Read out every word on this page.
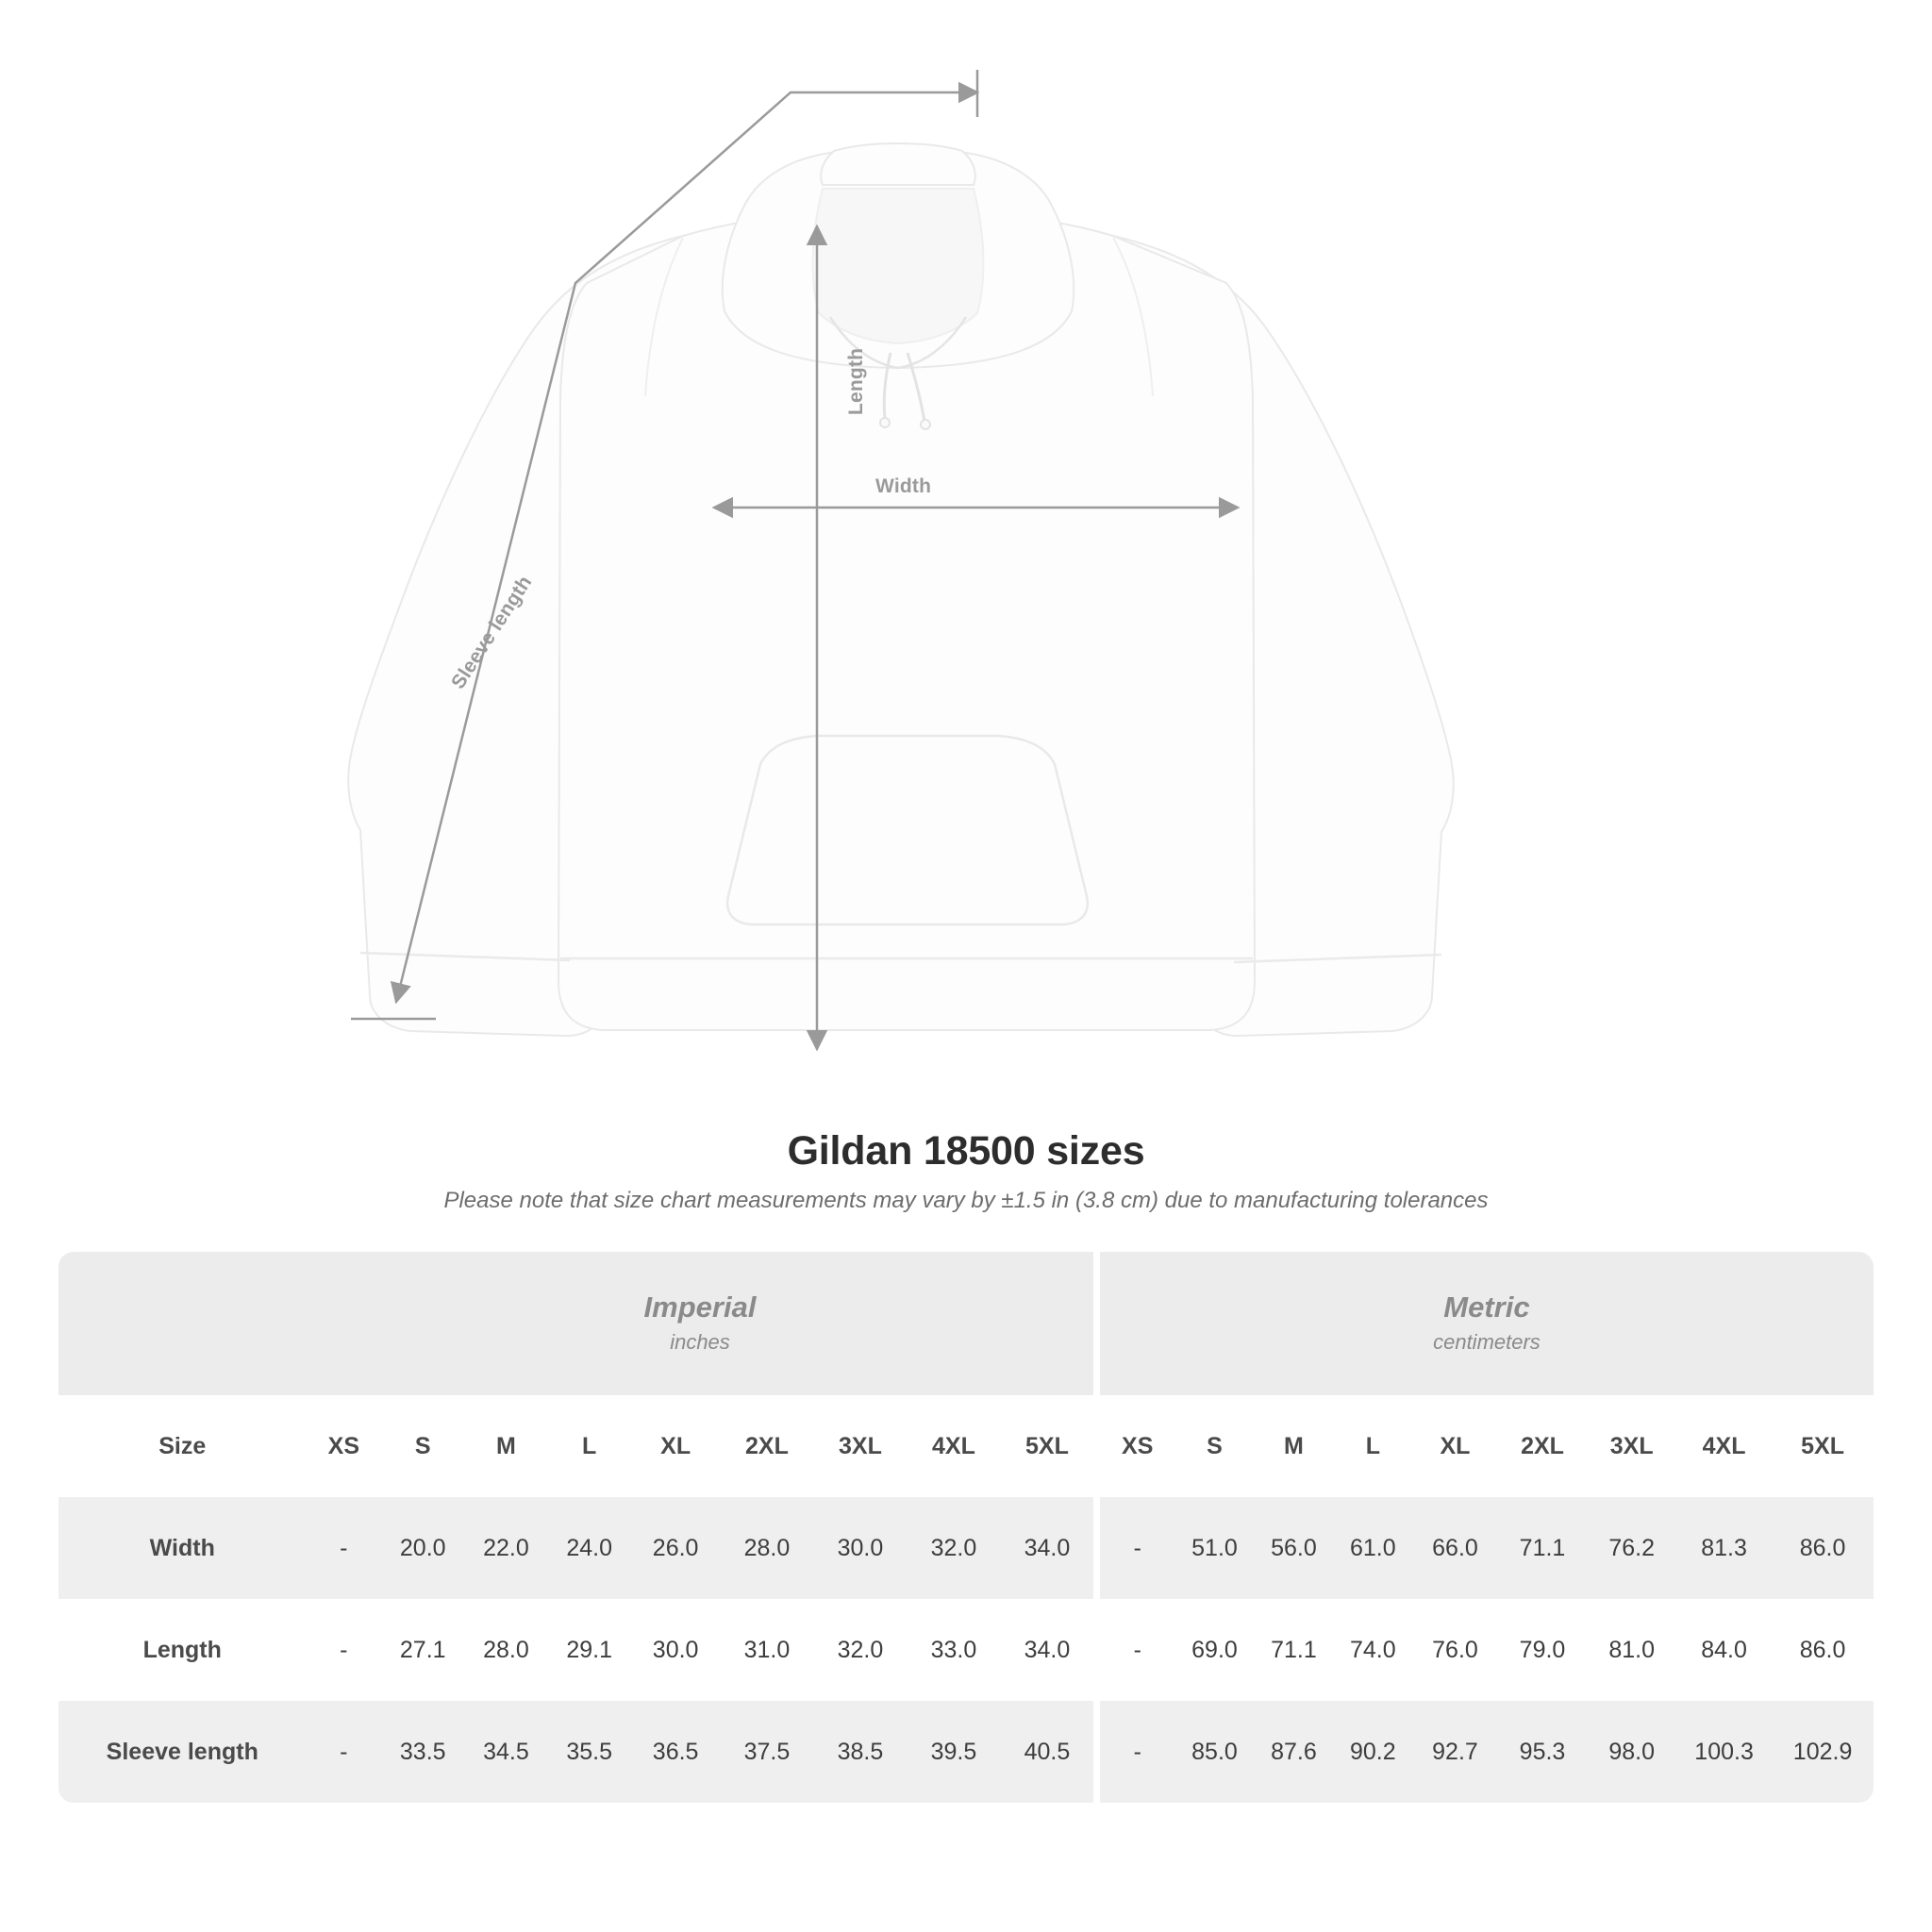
Length
Width
Sleeve length
Gildan 18500 sizes

Please note that size chart measurements may vary by ±1.5 in (3.8 cm) due to manufacturing tolerances

Imperial
inches

Metric
centimeters

Size	XS	S	M	L	XL	2XL	3XL	4XL	5XL		XS	S	M	L	XL	2XL	3XL	4XL	5XL
Width	-	20.0	22.0	24.0	26.0	28.0	30.0	32.0	34.0		-	51.0	56.0	61.0	66.0	71.1	76.2	81.3	86.0
Length	-	27.1	28.0	29.1	30.0	31.0	32.0	33.0	34.0		-	69.0	71.1	74.0	76.0	79.0	81.0	84.0	86.0
Sleeve length	-	33.5	34.5	35.5	36.5	37.5	38.5	39.5	40.5		-	85.0	87.6	90.2	92.7	95.3	98.0	100.3	102.9
